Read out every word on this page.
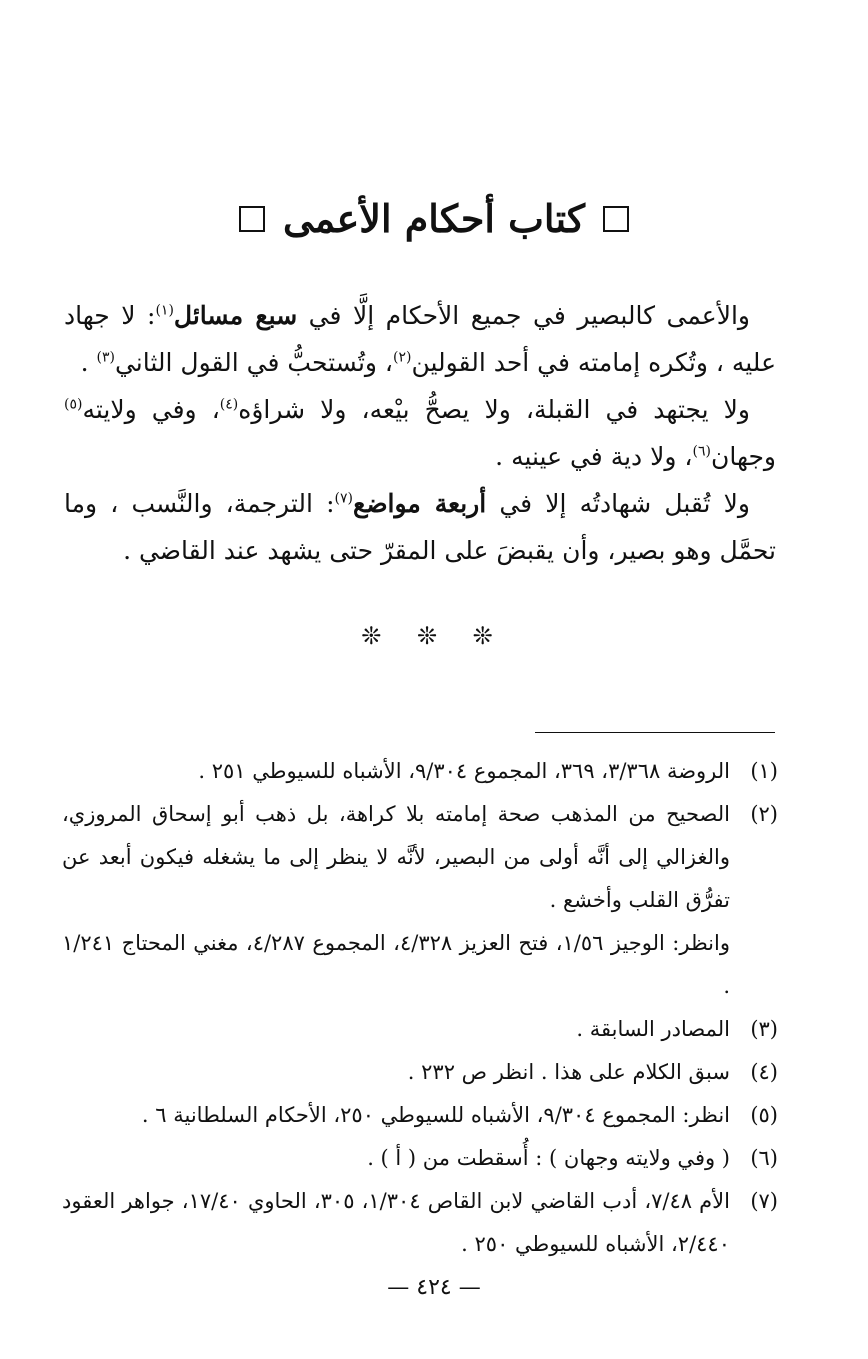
كتاب أحكام الأعمى

والأعمى كالبصير في جميع الأحكام إلَّا في سبع مسائل$^{(١)}$: لا جهاد عليه ، وتُكره إمامته في أحد القولين$^{(٢)}$، وتُستحبُّ في القول الثاني$^{(٣)}$ .

ولا يجتهد في القبلة، ولا يصحُّ بيْعه، ولا شراؤه$^{(٤)}$، وفي ولايته$^{(٥)}$ وجهان$^{(٦)}$، ولا دية في عينيه .

ولا تُقبل شهادتُه إلا في أربعة مواضع$^{(٧)}$: الترجمة، والنَّسب ، وما تحمَّل وهو بصير، وأن يقبضَ على المقرّ حتى يشهد عند القاضي .

❊ ❊ ❊
(١)
الروضة ٣/٣٦٨، ٣٦٩، المجموع ٩/٣٠٤، الأشباه للسيوطي ٢٥١ .
(٢)
الصحيح من المذهب صحة إمامته بلا كراهة، بل ذهب أبو إسحاق المروزي، والغزالي إلى أنَّه أولى من البصير، لأنَّه لا ينظر إلى ما يشغله فيكون أبعد عن تفرُّق القلب وأخشع .
وانظر: الوجيز ١/٥٦، فتح العزيز ٤/٣٢٨، المجموع ٤/٢٨٧، مغني المحتاج ١/٢٤١ .
(٣)
المصادر السابقة .
(٤)
سبق الكلام على هذا . انظر ص ٢٣٢ .
(٥)
انظر: المجموع ٩/٣٠٤، الأشباه للسيوطي ٢٥٠، الأحكام السلطانية ٦ .
(٦)
( وفي ولايته وجهان ) : أُسقطت من ( أ ) .
(٧)
الأم ٧/٤٨، أدب القاضي لابن القاص ١/٣٠٤، ٣٠٥، الحاوي ١٧/٤٠، جواهر العقود ٢/٤٤٠، الأشباه للسيوطي ٢٥٠ .
— ٤٢٤ —
